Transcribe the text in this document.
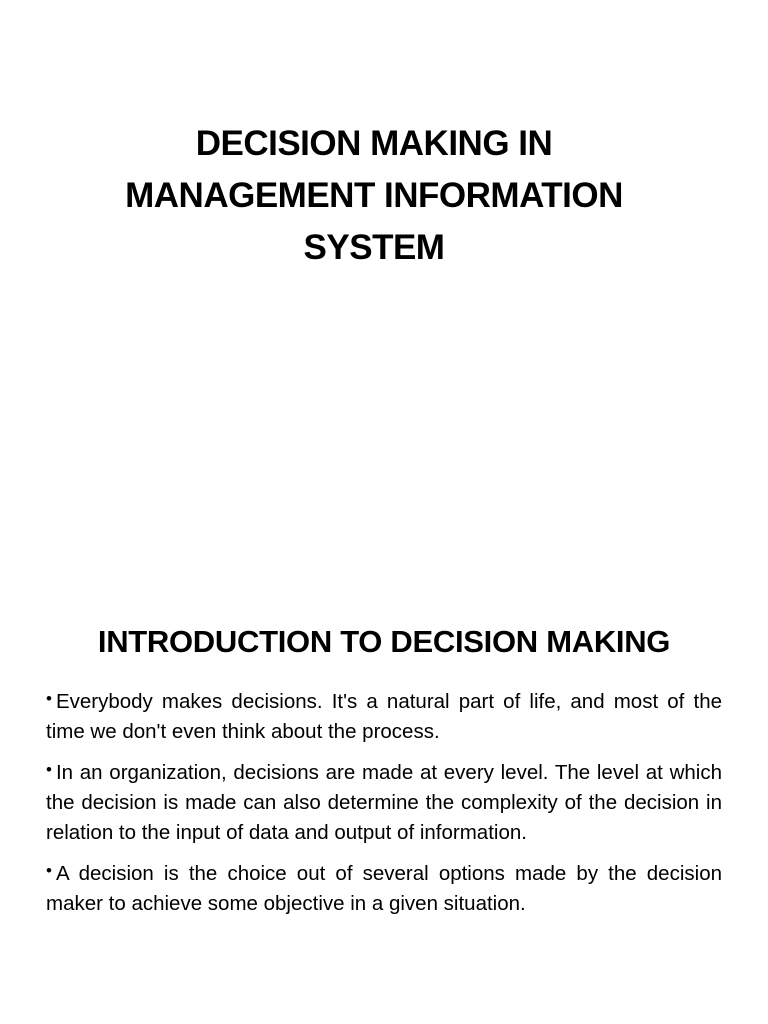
DECISION MAKING IN
MANAGEMENT INFORMATION
SYSTEM
INTRODUCTION TO DECISION MAKING
• Everybody makes decisions. It's a natural part of life, and most of the time we don't even think about the process.
• In an organization, decisions are made at every level. The level at which the decision is made can also determine the complexity of the decision in relation to the input of data and output of information.
• A decision is the choice out of several options made by the decision maker to achieve some objective in a given situation.
